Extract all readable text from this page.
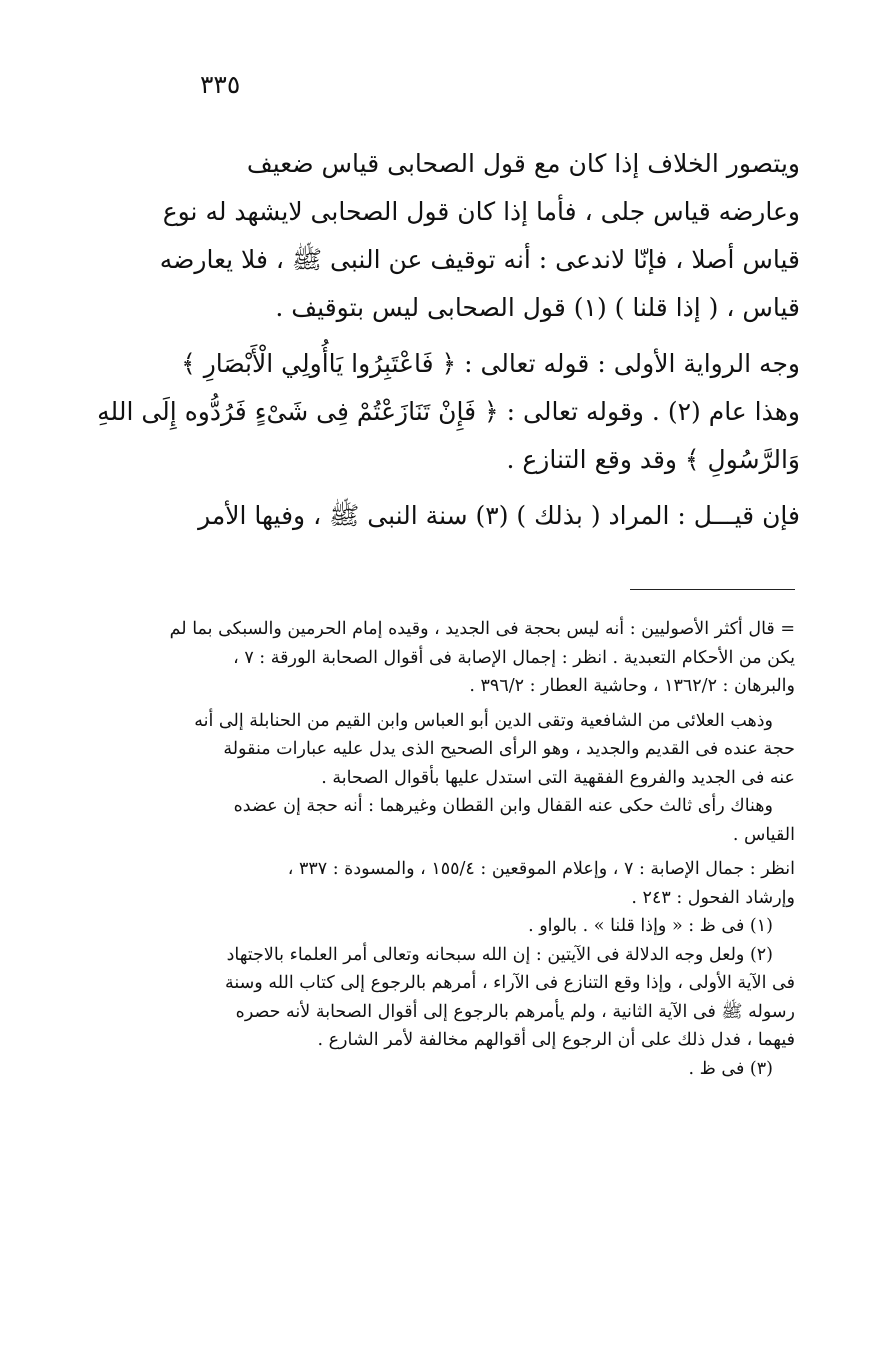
٣٣٥
ويتصور الخلاف إذا كان مع قول الصحابى قياس ضعيف
وعارضه قياس جلى ، فأما إذا كان قول الصحابى لايشهد له نوع
قياس أصلا ، فإنّا لاندعى : أنه توقيف عن النبى ﷺ ، فلا يعارضه
قياس ، ( إذا قلنا ) (١) قول الصحابى ليس بتوقيف .
وجه الرواية الأولى : قوله تعالى : ﴿ فَاعْتَبِرُوا يَاأُولِي الْأَبْصَارِ ﴾
وهذا عام (٢) . وقوله تعالى : ﴿ فَإِنْ تَنَازَعْتُمْ فِى شَىْءٍ فَرُدُّوه إِلَى اللهِ
وَالرَّسُولِ ﴾ وقد وقع التنازع .
فإن قيـــل : المراد ( بذلك ) (٣) سنة النبى ﷺ ، وفيها الأمر
= قال أكثر الأصوليين : أنه ليس بحجة فى الجديد ، وقيده إمام الحرمين والسبكى بما لم
يكن من الأحكام التعبدية . انظر : إجمال الإصابة فى أقوال الصحابة الورقة : ٧ ،
والبرهان : ١٣٦٢/٢ ، وحاشية العطار : ٣٩٦/٢ .
وذهب العلائى من الشافعية وتقى الدين أبو العباس وابن القيم من الحنابلة إلى أنه
حجة عنده فى القديم والجديد ، وهو الرأى الصحيح الذى يدل عليه عبارات منقولة
عنه فى الجديد والفروع الفقهية التى استدل عليها بأقوال الصحابة .
وهناك رأى ثالث حكى عنه القفال وابن القطان وغيرهما : أنه حجة إن عضده
القياس .
انظر : جمال الإصابة : ٧ ، وإعلام الموقعين : ١٥٥/٤ ، والمسودة : ٣٣٧ ،
وإرشاد الفحول : ٢٤٣ .
(١) فى ظ : « وإذا قلنا » . بالواو .
(٢) ولعل وجه الدلالة فى الآيتين : إن الله سبحانه وتعالى أمر العلماء بالاجتهاد
فى الآية الأولى ، وإذا وقع التنازع فى الآراء ، أمرهم بالرجوع إلى كتاب الله وسنة
رسوله ﷺ فى الآية الثانية ، ولم يأمرهم بالرجوع إلى أقوال الصحابة لأنه حصره
فيهما ، فدل ذلك على أن الرجوع إلى أقوالهم مخالفة لأمر الشارع .
(٣) فى ظ .
